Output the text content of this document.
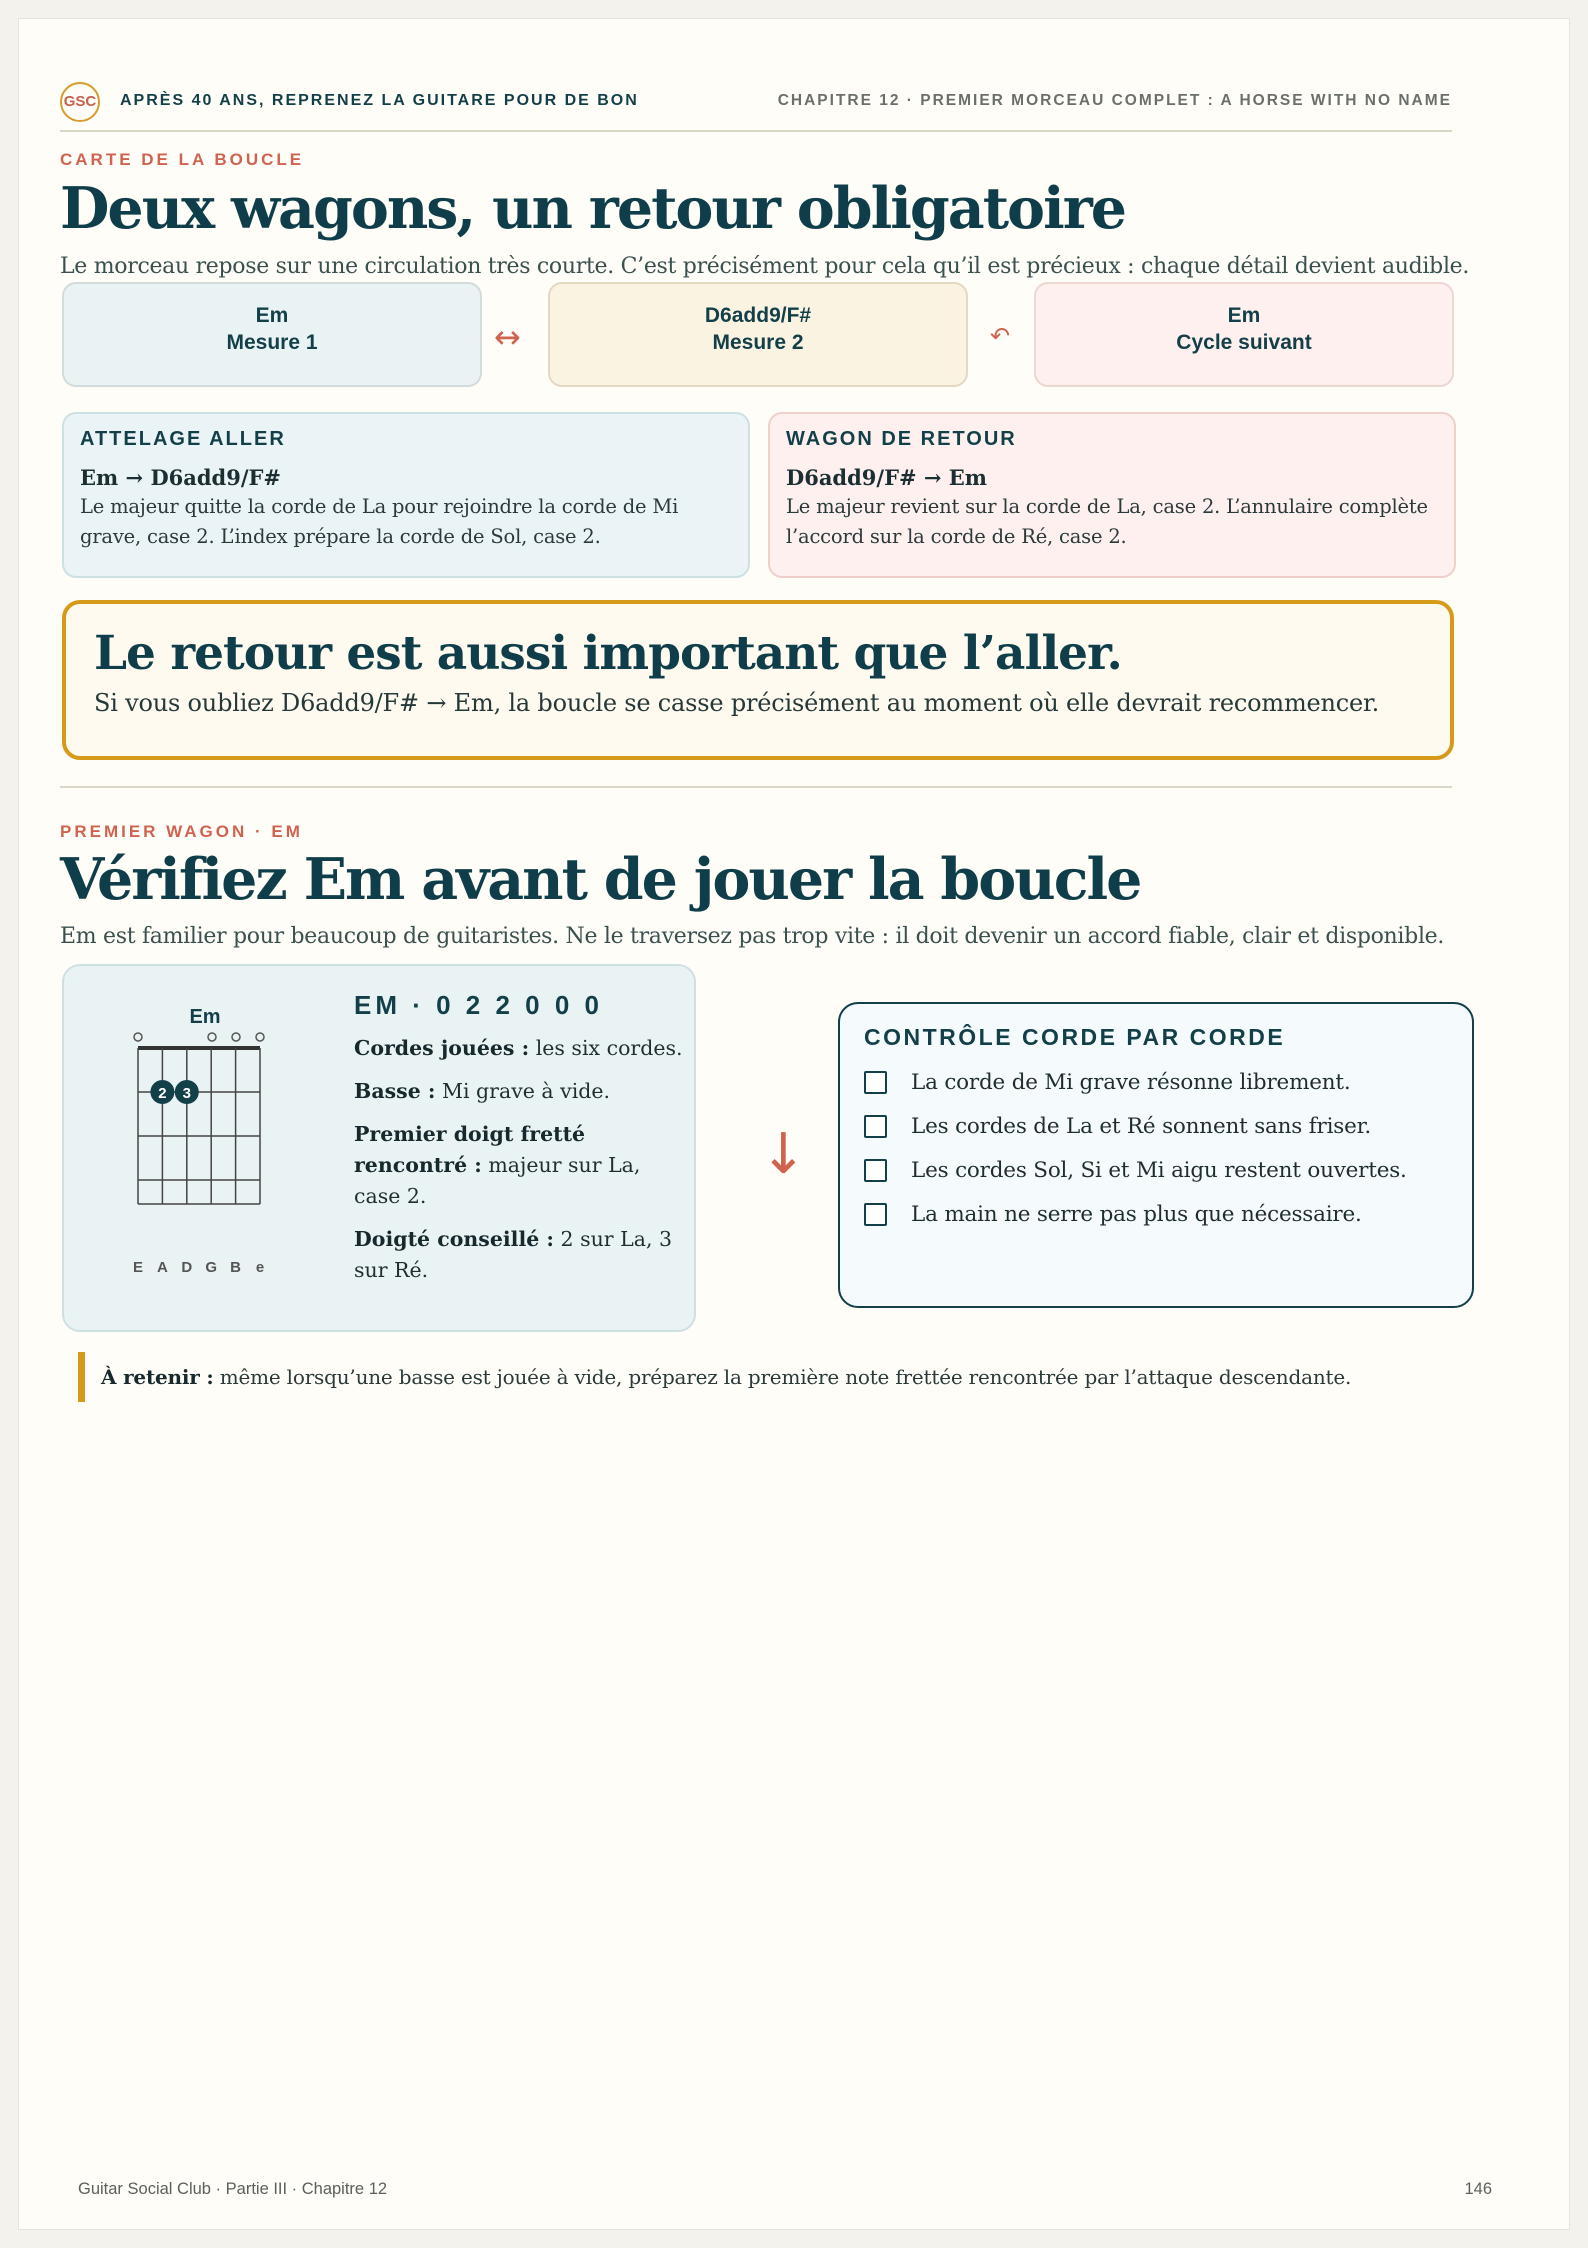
GSC APRÈS 40 ANS, REPRENEZ LA GUITARE POUR DE BON	CHAPITRE 12 · PREMIER MORCEAU COMPLET : A HORSE WITH NO NAME
CARTE DE LA BOUCLE
Deux wagons, un retour obligatoire
Le morceau repose sur une circulation très courte. C’est précisément pour cela qu’il est précieux : chaque détail devient audible.
Em
Mesure 1	↔
D6add9/F#
Mesure 2	↶
Em
Cycle suivant
ATTELAGE ALLER
Em → D6add9/F#
Le majeur quitte la corde de La pour rejoindre la corde de Mi grave, case 2. L’index prépare la corde de Sol, case 2.
WAGON DE RETOUR
D6add9/F# → Em
Le majeur revient sur la corde de La, case 2. L’annulaire complète l’accord sur la corde de Ré, case 2.
Le retour est aussi important que l’aller.
Si vous oubliez D6add9/F# → Em, la boucle se casse précisément au moment où elle devrait recommencer.
PREMIER WAGON · EM
Vérifiez Em avant de jouer la boucle
Em est familier pour beaucoup de guitaristes. Ne le traversez pas trop vite : il doit devenir un accord fiable, clair et disponible.
Em
2 3
E A D G B e
EM · 0 2 2 0 0 0

Cordes jouées : les six cordes.

Basse : Mi grave à vide.

Premier doigt fretté rencontré : majeur sur La, case 2.

Doigté conseillé : 2 sur La, 3 sur Ré.

↓
CONTRÔLE CORDE PAR CORDE
La corde de Mi grave résonne librement.
Les cordes de La et Ré sonnent sans friser.
Les cordes Sol, Si et Mi aigu restent ouvertes.
La main ne serre pas plus que nécessaire.
À retenir : même lorsqu’une basse est jouée à vide, préparez la première note frettée rencontrée par l’attaque descendante.
Guitar Social Club · Partie III · Chapitre 12	146
